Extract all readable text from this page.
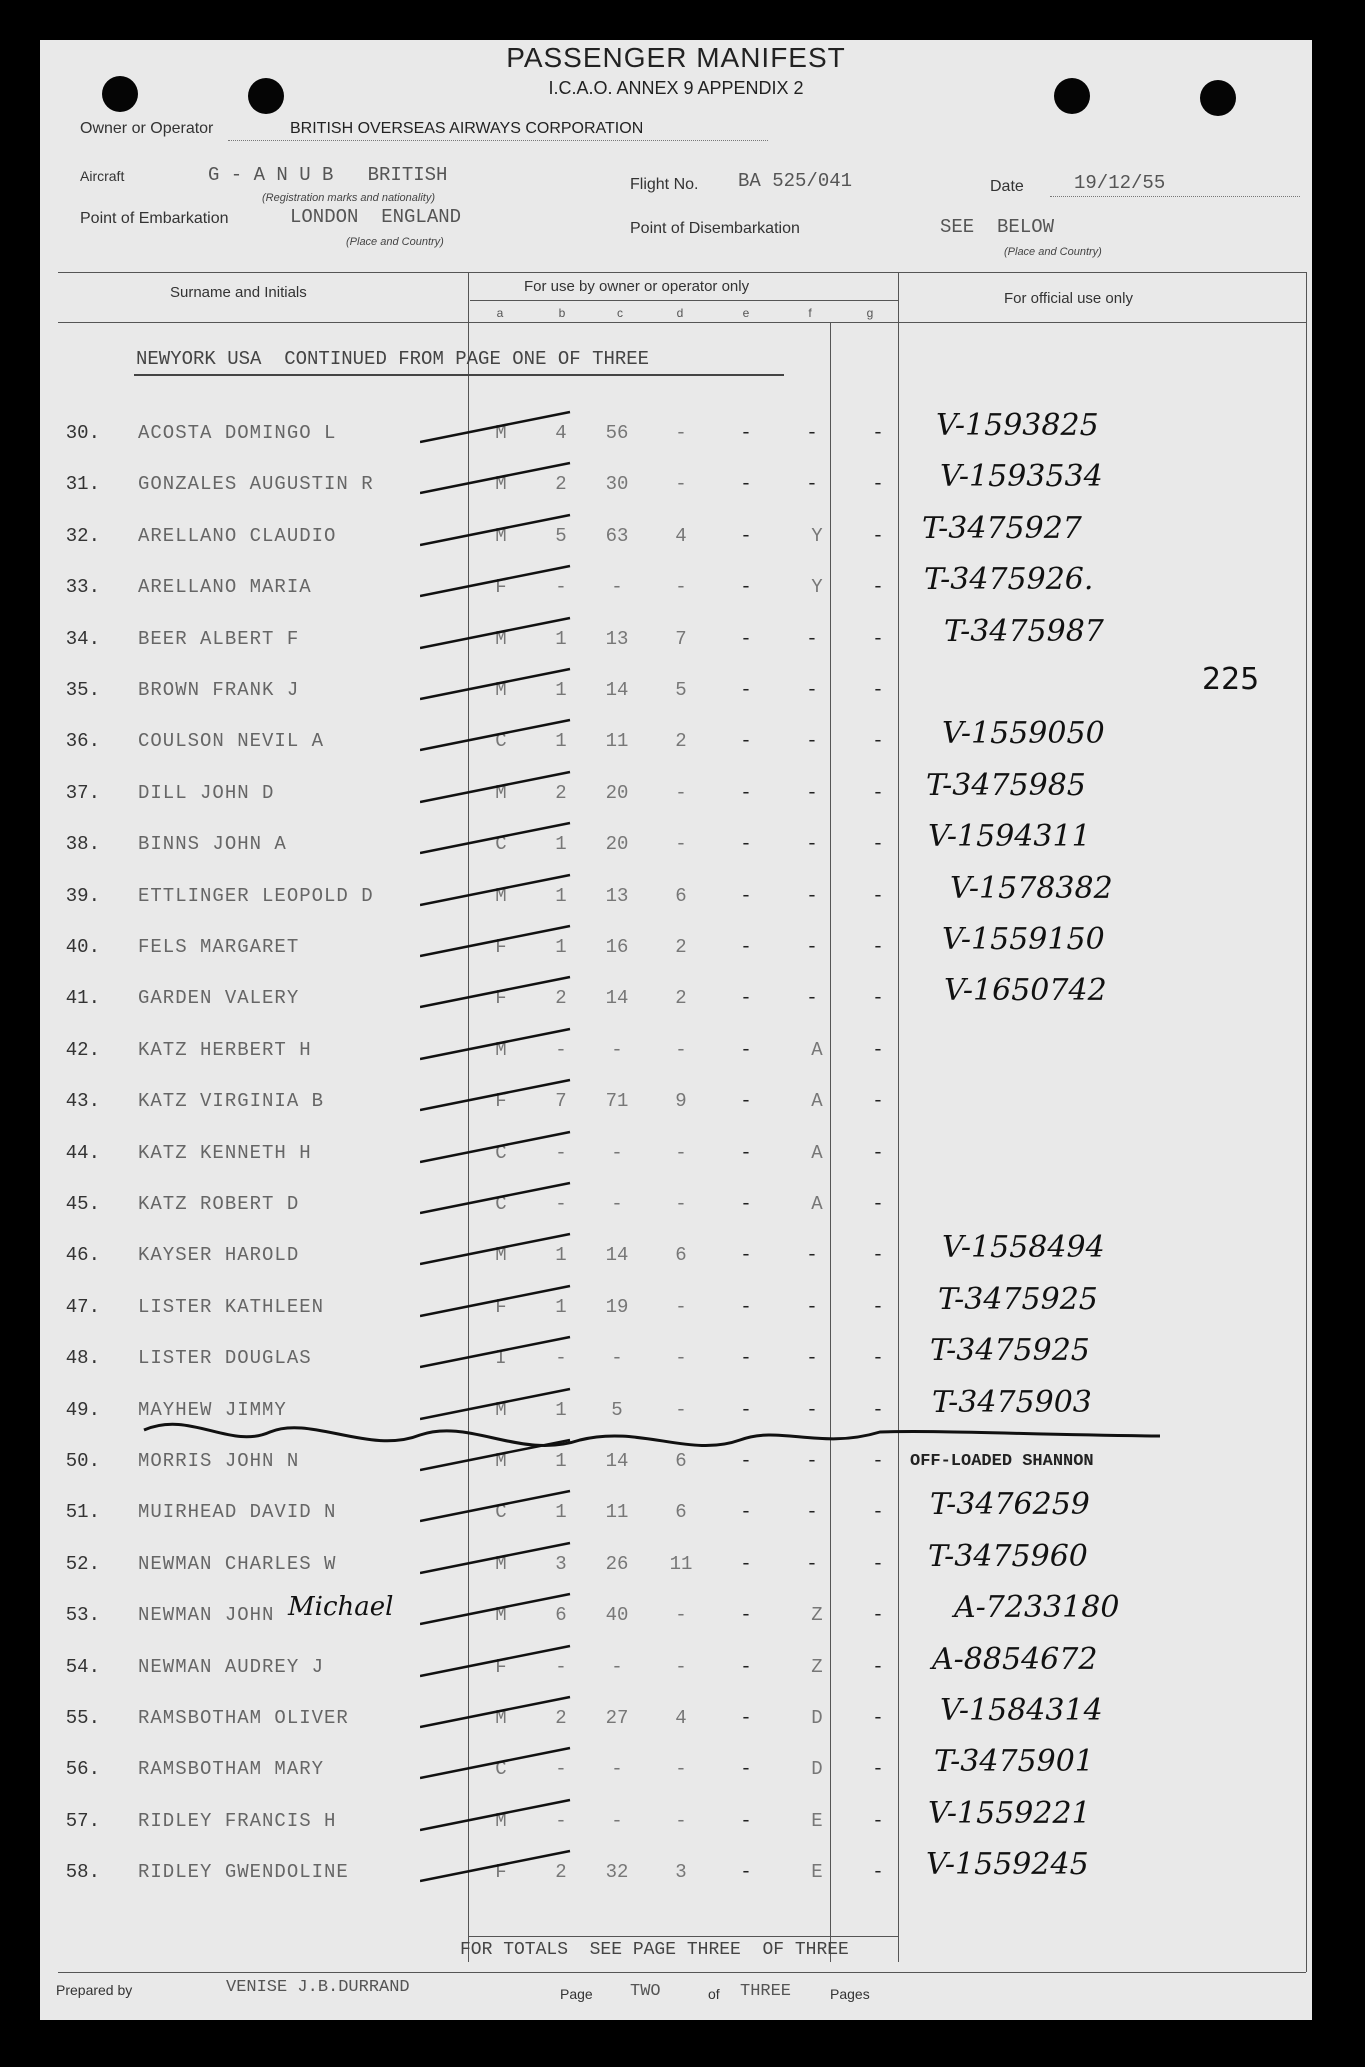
PASSENGER MANIFEST
I.C.A.O. ANNEX 9 APPENDIX 2
Owner or Operator	BRITISH OVERSEAS AIRWAYS CORPORATION
Aircraft	G - A N U B   BRITISH
(Registration marks and nationality)
Flight No. BA 525/041	Date	19/12/55
Point of Embarkation	LONDON  ENGLAND
(Place and Country)
Point of Disembarkation	SEE  BELOW
(Place and Country)
Surname and Initials	For use by owner or operator only
For official use only
a	b	c	d	e	f	g
NEWYORK USA  CONTINUED FROM PAGE ONE OF THREE
225
30. ACOSTA DOMINGO L	M	4	56	-	-	-	- V-1593825
31. GONZALES AUGUSTIN R	M	2	30	-	-	-	- V-1593534
32. ARELLANO CLAUDIO	M	5	63	4	-	Y	- T-3475927
33. ARELLANO MARIA	F	-	-	-	-	Y	- T-3475926.
34. BEER ALBERT F	M	1	13	7	-	-	- T-3475987
35. BROWN FRANK J	M	1	14	5	-	-	-
36. COULSON NEVIL A	C	1	11	2	-	-	- V-1559050
37. DILL JOHN D	M	2	20	-	-	-	- T-3475985
38. BINNS JOHN A	C	1	20	-	-	-	- V-1594311
39. ETTLINGER LEOPOLD D	M	1	13	6	-	-	- V-1578382
40. FELS MARGARET	F	1	16	2	-	-	- V-1559150
41. GARDEN VALERY	F	2	14	2	-	-	- V-1650742
42. KATZ HERBERT H	M	-	-	-	-	A	-
43. KATZ VIRGINIA B	F	7	71	9	-	A	-
44. KATZ KENNETH H	C	-	-	-	-	A	-
45. KATZ ROBERT D	C	-	-	-	-	A	-
46. KAYSER HAROLD	M	1	14	6	-	-	- V-1558494
47. LISTER KATHLEEN	F	1	19	-	-	-	- T-3475925
48. LISTER DOUGLAS	I	-	-	-	-	-	- T-3475925
49. MAYHEW JIMMY	M	1	5	-	-	-	- T-3475903
50. MORRIS JOHN N	M	1	14	6	-	-	- OFF-LOADED SHANNON
51. MUIRHEAD DAVID N	C	1	11	6	-	-	- T-3476259
52. NEWMAN CHARLES W	M	3	26 11	-	-	- T-3475960
53. NEWMAN JOHN Michael	M	6	40	-	-	Z	- A-7233180
54. NEWMAN AUDREY J	F	-	-	-	-	Z	- A-8854672
55. RAMSBOTHAM OLIVER	M	2	27	4	-	D	- V-1584314
56. RAMSBOTHAM MARY	C	-	-	-	-	D	- T-3475901
57. RIDLEY FRANCIS H	M	-	-	-	-	E	- V-1559221
58. RIDLEY GWENDOLINE	F	2	32	3	-	E	- V-1559245
FOR TOTALS  SEE PAGE THREE  OF THREE
Prepared by	VENISE J.B.DURRAND	Page TWO	of THREE	Pages
